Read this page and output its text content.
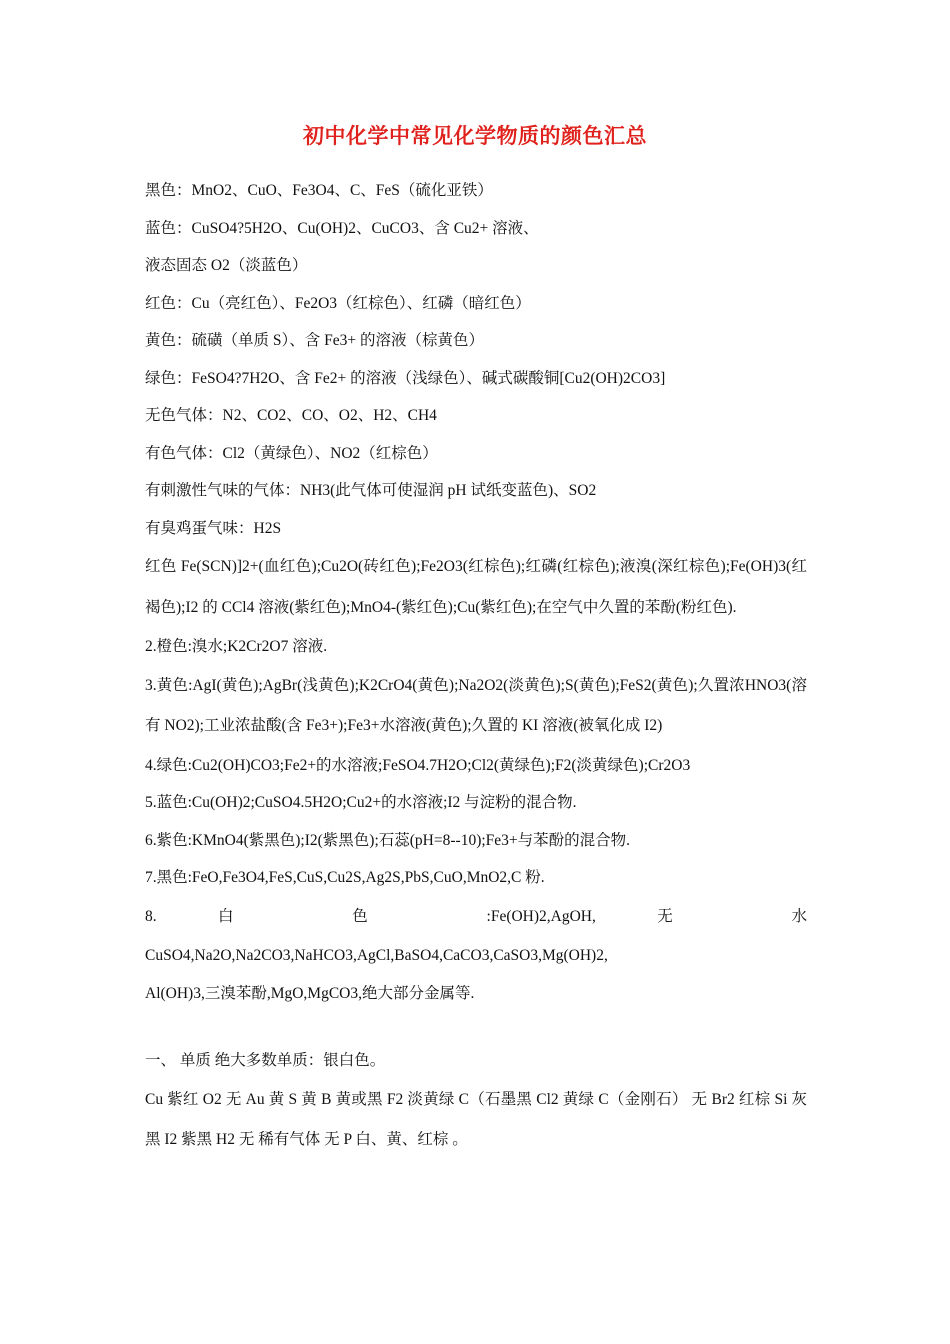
初中化学中常见化学物质的颜色汇总
黑色：MnO2、CuO、Fe3O4、C、FeS（硫化亚铁）
蓝色：CuSO4?5H2O、Cu(OH)2、CuCO3、含 Cu2+ 溶液、
液态固态 O2（淡蓝色）
红色：Cu（亮红色）、Fe2O3（红棕色）、红磷（暗红色）
黄色：硫磺（单质 S）、含 Fe3+ 的溶液（棕黄色）
绿色：FeSO4?7H2O、含 Fe2+ 的溶液（浅绿色）、碱式碳酸铜[Cu2(OH)2CO3]
无色气体：N2、CO2、CO、O2、H2、CH4
有色气体：Cl2（黄绿色）、NO2（红棕色）
有刺激性气味的气体：NH3(此气体可使湿润 pH 试纸变蓝色)、SO2
有臭鸡蛋气味：H2S
红色 Fe(SCN)]2+(血红色);Cu2O(砖红色);Fe2O3(红棕色);红磷(红棕色);液溴(深红棕色);Fe(OH)3(红褐色);I2 的 CCl4 溶液(紫红色);MnO4-(紫红色);Cu(紫红色);在空气中久置的苯酚(粉红色).
2.橙色:溴水;K2Cr2O7 溶液.
3.黄色:AgI(黄色);AgBr(浅黄色);K2CrO4(黄色);Na2O2(淡黄色);S(黄色);FeS2(黄色);久置浓HNO3(溶有 NO2);工业浓盐酸(含 Fe3+);Fe3+水溶液(黄色);久置的 KI 溶液(被氧化成 I2)
4.绿色:Cu2(OH)CO3;Fe2+的水溶液;FeSO4.7H2O;Cl2(黄绿色);F2(淡黄绿色);Cr2O3
5.蓝色:Cu(OH)2;CuSO4.5H2O;Cu2+的水溶液;I2 与淀粉的混合物.
6.紫色:KMnO4(紫黑色);I2(紫黑色);石蕊(pH=8--10);Fe3+与苯酚的混合物.
7.黑色:FeO,Fe3O4,FeS,CuS,Cu2S,Ag2S,PbS,CuO,MnO2,C 粉.
8. 白 色 :Fe(OH)2,AgOH, 无 水
CuSO4,Na2O,Na2CO3,NaHCO3,AgCl,BaSO4,CaCO3,CaSO3,Mg(OH)2,
Al(OH)3,三溴苯酚,MgO,MgCO3,绝大部分金属等.
一、 单质 绝大多数单质：银白色。
Cu 紫红 O2 无 Au 黄 S 黄 B 黄或黑 F2 淡黄绿 C（石墨黑 Cl2 黄绿 C（金刚石） 无 Br2 红棕 Si 灰黑 I2 紫黑 H2 无 稀有气体 无 P 白、黄、红棕 。
